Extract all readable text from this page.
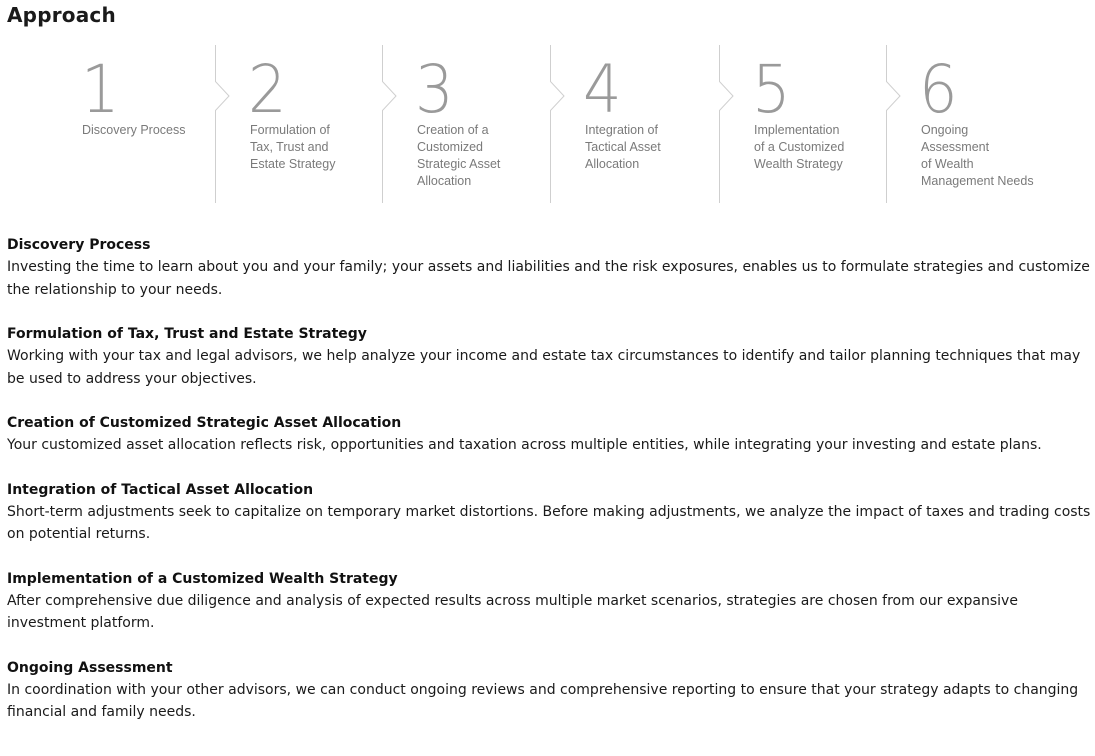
Approach
1
Discovery Process
2
Formulation of
Tax, Trust and
Estate Strategy
3
Creation of a
Customized
Strategic Asset
Allocation
4
Integration of
Tactical Asset
Allocation
5
Implementation
of a Customized
Wealth Strategy
6
Ongoing
Assessment
of Wealth
Management Needs
Discovery Process

Investing the time to learn about you and your family; your assets and liabilities and the risk exposures, enables us to formulate strategies and customize the relationship to your needs.

Formulation of Tax, Trust and Estate Strategy

Working with your tax and legal advisors, we help analyze your income and estate tax circumstances to identify and tailor planning techniques that may be used to address your objectives.

Creation of Customized Strategic Asset Allocation

Your customized asset allocation reflects risk, opportunities and taxation across multiple entities, while integrating your investing and estate plans.

Integration of Tactical Asset Allocation

Short-term adjustments seek to capitalize on temporary market distortions. Before making adjustments, we analyze the impact of taxes and trading costs on potential returns.

Implementation of a Customized Wealth Strategy

After comprehensive due diligence and analysis of expected results across multiple market scenarios, strategies are chosen from our expansive investment platform.

Ongoing Assessment

In coordination with your other advisors, we can conduct ongoing reviews and comprehensive reporting to ensure that your strategy adapts to changing financial and family needs.
